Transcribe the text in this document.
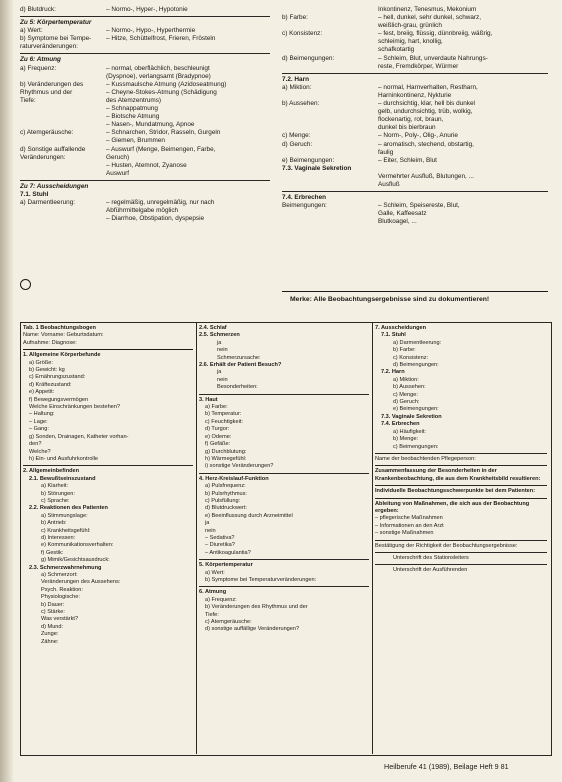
d) Blutdruck:	– Normo-, Hyper-, Hypotonie
Zu 5: Körpertemperatur
a) Wert:	– Normo-, Hypo-, Hyperthermie
b) Symptome bei Tempe-	– Hitze, Schüttelfrost, Frieren, Frösteln
raturveränderungen:
Zu 6: Atmung
a) Frequenz:	– normal, oberflächlich, beschleunigt
(Dyspnoe), verlangsamt (Bradypnoe)
b) Veränderungen des	– Kussmaulsche Atmung (Azidoseatmung)
Rhythmus und der	– Cheyne-Stokes-Atmung (Schädigung
Tiefe:	des Atemzentrums)
– Schnappatmung
– Biotsche Atmung
– Nasen-, Mundatmung, Apnoe
c) Atemgeräusche:	– Schnarchen, Stridor, Rasseln, Gurgeln
– Giemen, Brummen
d) Sonstige auffallende	– Auswurf (Menge, Beimengen, Farbe,
Veränderungen:	Geruch)
– Husten, Atemnot, Zyanose
Auswurf
Zu 7: Ausscheidungen
7.1. Stuhl
a) Darmentleerung:	– regelmäßig, unregelmäßig, nur nach
Abführmittelgabe möglich
– Diarrhoe, Obstipation, dyspepsie
Inkontinenz, Tenesmus, Mekonium
b) Farbe:	– hell, dunkel, sehr dunkel, schwarz,
weißlich-grau, grünlich
c) Konsistenz:	– fest, breiig, flüssig, dünnbreiig, wäßrig,
schleimig, hart, knollig,
schafkotartig
d) Beimengungen:	– Schleim, Blut, unverdaute Nahrungs-
reste, Fremdkörper, Würmer
7.2. Harn
a) Miktion:	– normal, Harnverhalten, Restharn,
Harninkontinenz, Nykturie
b) Aussehen:	– durchsichtig, klar, hell bis dunkel
gelb, undurchsichtig, trüb, wolkig,
flockenartig, rot, braun,
dunkel bis bierbraun
c) Menge:	– Norm-, Poly-, Olig-, Anurie
d) Geruch:	– aromatisch, stechend, obstartig,
faulig
e) Beimengungen:	– Eiter, Schleim, Blut
7.3. Vaginale Sekretion
Vermehrter Ausfluß, Blutungen, ...
Ausfluß
7.4. Erbrechen
Beimengungen:	– Schleim, Speisereste, Blut,
Galle, Kaffeesatz
Blutkoagel, ...
Merke: Alle Beobachtungsergebnisse sind zu dokumentieren!
Tab. 1 Beobachtungsbogen
Name: Vorname: Geburtsdatum:
Aufnahme: Diagnose:
1. Allgemeine Körperbefunde
a) Größe:
b) Gewicht: kg
c) Ernährungszustand:
d) Kräftezustand:
e) Appetit:
f) Bewegungsvermögen
Welche Einschränkungen bestehen?
– Haltung:
– Lage:
– Gang:
g) Sonden, Drainagen, Katheter vorhan-
den?
Welche?
h) Ein- und Ausfuhrkontrolle
2. Allgemeinbefinden
2.1. Bewußtseinszustand
a) Klarheit:
b) Störungen:
c) Sprache:
2.2. Reaktionen des Patienten
a) Stimmungslage:
b) Antrieb:
c) Krankheitsgefühl:
d) Interessen:
e) Kommunikationsverhalten:
f) Gestik:
g) Mimik/Gesichtsausdruck:
2.3. Schmerzwahrnehmung
a) Schmerzort:
Veränderungen des Aussehens:
Psych. Reaktion:
Physiologische:
b) Dauer:
c) Stärke:
Was verstärkt?
d) Mund:
Zunge:
Zähne:
2.4. Schlaf
2.5. Schmerzen
ja
nein
Schmerzursache:
2.6. Erhält der Patient Besuch?
ja
nein
Besonderheiten:
3. Haut
a) Farbe:
b) Temperatur:
c) Feuchtigkeit:
d) Turgor:
e) Ödeme:
f) Gefäße:
g) Durchblutung:
h) Wärmegefühl:
i) sonstige Veränderungen?
4. Herz-Kreislauf-Funktion
a) Pulsfrequenz:
b) Pulsrhythmus:
c) Pulsfüllung:
d) Blutdruckwert:
e) Beeinflussung durch Arzneimittel
ja
nein
– Sedativa?
– Diuretika?
– Antikoagulantia?
5. Körpertemperatur
a) Wert:
b) Symptome bei Temperaturveränderungen:
6. Atmung
a) Frequenz:
b) Veränderungen des Rhythmus und der
Tiefe:
c) Atemgeräusche:
d) sonstige auffällige Veränderungen?
7. Ausscheidungen
7.1. Stuhl
a) Darmentleerung:
b) Farbe:
c) Konsistenz:
d) Beimengungen:
7.2. Harn
a) Miktion:
b) Aussehen:
c) Menge:
d) Geruch:
e) Beimengungen:
7.3. Vaginale Sekretion
7.4. Erbrechen
a) Häufigkeit:
b) Menge:
c) Beimengungen:
Name der beobachtenden Pflegeperson:
Zusammenfassung der Besonderheiten in der Krankenbeobachtung, die aus dem Krankheitsbild resultieren:
Individuelle Beobachtungsschwerpunkte bei dem Patienten:
Ableitung von Maßnahmen, die sich aus der Beobachtung ergeben:
– pflegerische Maßnahmen
– Informationen an den Arzt
– sonstige Maßnahmen
Bestätigung der Richtigkeit der Beobachtungsergebnisse:
Unterschrift des Stationsleiters
Unterschrift der Ausführenden
Heilberufe 41 (1989), Beilage Heft 9 81
